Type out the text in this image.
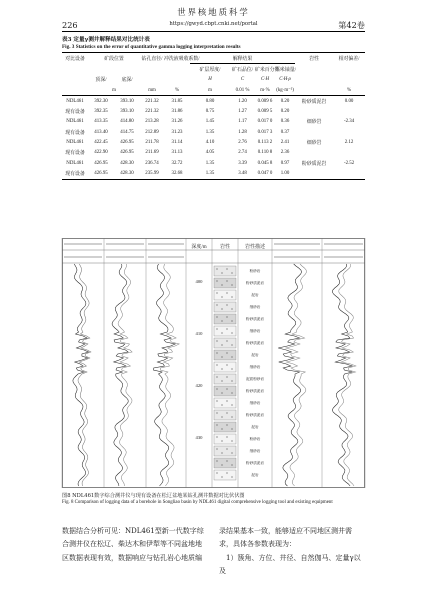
世界核地质科学
226	https://gwyd.cbpt.cnki.net/portal	第42卷
表3 定量γ测井解释结果对比统计表
Fig. 3 Statistics on the error of quantitative gamma logging interpretation results
对比设备	矿段位置		钻孔直径/	冲洗液吸收系数/	解释结果				岩性	相对偏差/
					矿层厚度/	矿石品位/	矿米百分数/	平米铀量/		
	顶深/	底深/			H	C	C·H	C·H·ρ		
	m		mm	%	m	0.01 %	m·%	(kg·m⁻²)		%
NDL461	392.30	393.10	221.32	31.85	0.80	1.20	0.009 6	0.20	粉砂质泥岩	0.00
现有设备	392.35	393.10	221.32	31.86	0.75	1.27	0.009 5	0.20		
NDL461	413.35	414.80	213.28	31.26	1.45	1.17	0.017 0	0.36	细砂岩	-2.34
现有设备	413.40	414.75	212.89	31.23	1.35	1.28	0.017 3	0.37		
NDL461	422.45	426.95	211.78	31.14	4.10	2.76	0.113 2	2.41	细砂岩	2.12
现有设备	422.90	426.95	211.69	31.13	4.05	2.74	0.110 8	2.36		
NDL461	426.95	428.30	236.74	32.72	1.35	3.39	0.045 8	0.97	粉砂质泥岩	-2.52
现有设备	426.95	428.30	235.99	32.68	1.35	3.48	0.047 0	1.00		
深度/m	岩性	岩性描述
400
410
420
430
粉砂岩
粉砂质泥岩
泥岩
细砂岩
粉砂质泥岩
细砂岩
粉砂质泥岩
泥岩
细砂岩
泥质粉砂岩
粉砂质泥岩
细砂岩
粉砂质泥岩
泥岩
粉砂岩
细砂岩
粉砂质泥岩
泥岩
图8 NDL461数字综合测井仪与现有设备在松辽盆地某钻孔测井数据对比伏伏图
Fig. 8 Comparison of logging data of a borehole in Songliao basin by NDL461 digital comprehensive logging tool and existing equipment
数据结合分析可见：NDL461型新一代数字综
合测井仪在松辽、柴达木和伊犁等不同盆地地
区数据表现有效，数据响应与钻孔岩心地质编
录结果基本一致，能够适应不同地区测井需
求，具体各参数表现为：
　1）簇角、方位、井径、自然伽马、定量γ以及
